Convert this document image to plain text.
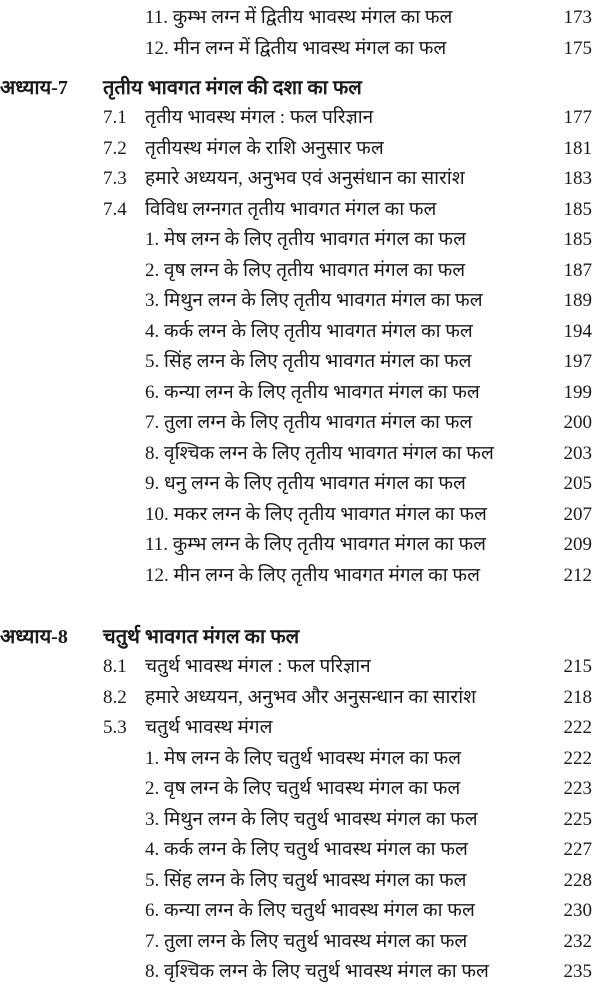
11. कुम्भ लग्न में द्वितीय भावस्थ मंगल का फल	173
12. मीन लग्न में द्वितीय भावस्थ मंगल का फल	175
अध्याय-7 तृतीय भावगत मंगल की दशा का फल
7.1 तृतीय भावस्थ मंगल : फल परिज्ञान	177
7.2 तृतीयस्थ मंगल के राशि अनुसार फल	181
7.3 हमारे अध्ययन, अनुभव एवं अनुसंधान का सारांश	183
7.4 विविध लग्नगत तृतीय भावगत मंगल का फल	185
1. मेष लग्न के लिए तृतीय भावगत मंगल का फल	185
2. वृष लग्न के लिए तृतीय भावगत मंगल का फल	187
3. मिथुन लग्न के लिए तृतीय भावगत मंगल का फल	189
4. कर्क लग्न के लिए तृतीय भावगत मंगल का फल	194
5. सिंह लग्न के लिए तृतीय भावगत मंगल का फल	197
6. कन्या लग्न के लिए तृतीय भावगत मंगल का फल	199
7. तुला लग्न के लिए तृतीय भावगत मंगल का फल	200
8. वृश्चिक लग्न के लिए तृतीय भावगत मंगल का फल	203
9. धनु लग्न के लिए तृतीय भावगत मंगल का फल	205
10. मकर लग्न के लिए तृतीय भावगत मंगल का फल	207
11. कुम्भ लग्न के लिए तृतीय भावगत मंगल का फल	209
12. मीन लग्न के लिए तृतीय भावगत मंगल का फल	212
अध्याय-8 चतुर्थ भावगत मंगल का फल
8.1 चतुर्थ भावस्थ मंगल : फल परिज्ञान	215
8.2 हमारे अध्ययन, अनुभव और अनुसन्धान का सारांश	218
5.3 चतुर्थ भावस्थ मंगल	222
1. मेष लग्न के लिए चतुर्थ भावस्थ मंगल का फल	222
2. वृष लग्न के लिए चतुर्थ भावस्थ मंगल का फल	223
3. मिथुन लग्न के लिए चतुर्थ भावस्थ मंगल का फल	225
4. कर्क लग्न के लिए चतुर्थ भावस्थ मंगल का फल	227
5. सिंह लग्न के लिए चतुर्थ भावस्थ मंगल का फल	228
6. कन्या लग्न के लिए चतुर्थ भावस्थ मंगल का फल	230
7. तुला लग्न के लिए चतुर्थ भावस्थ मंगल का फल	232
8. वृश्चिक लग्न के लिए चतुर्थ भावस्थ मंगल का फल	235
